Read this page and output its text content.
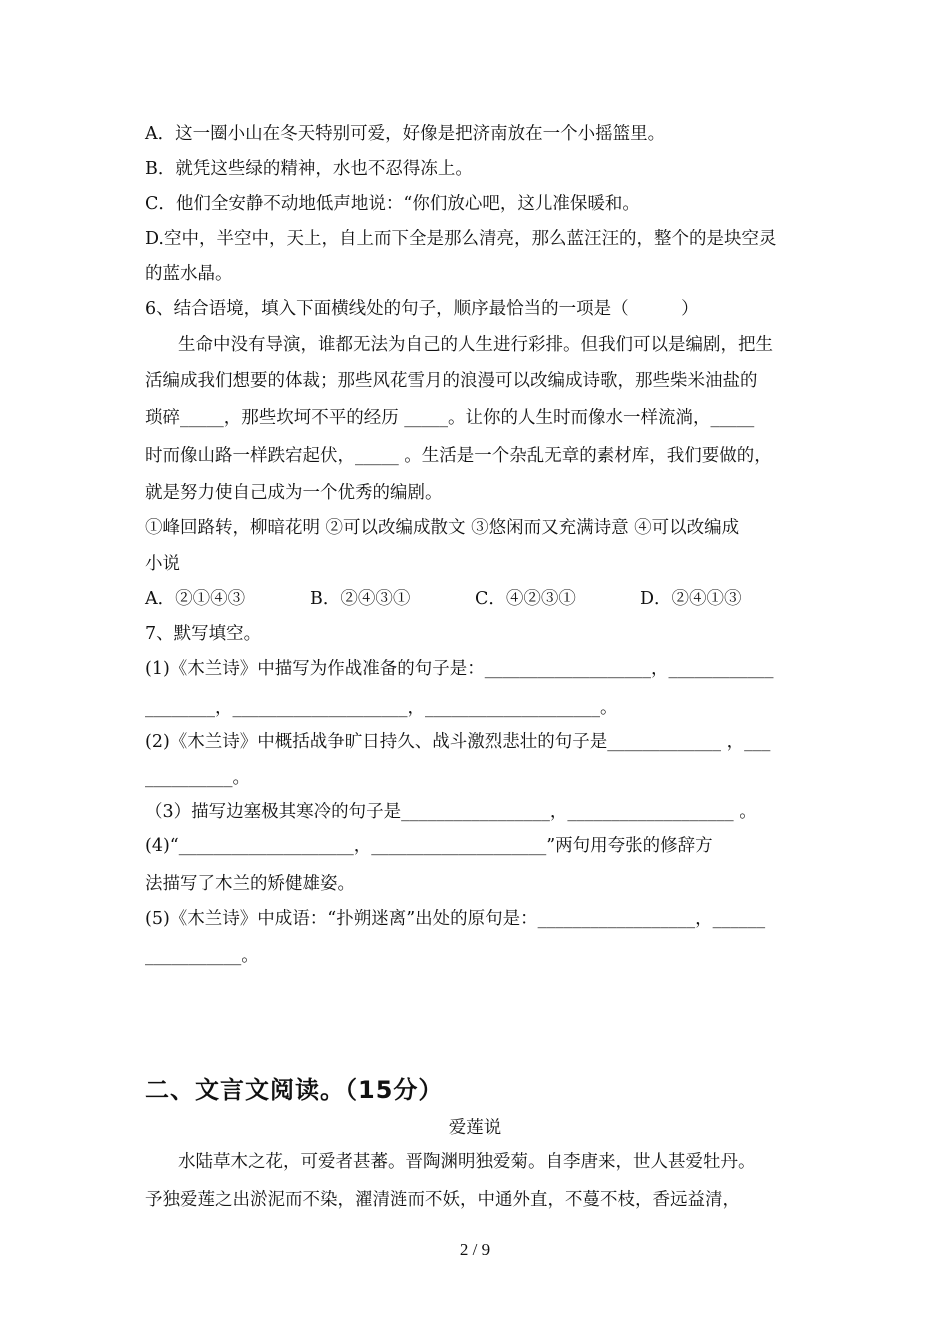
A．这一圈小山在冬天特别可爱，好像是把济南放在一个小摇篮里。
B．就凭这些绿的精神，水也不忍得冻上。
C．他们全安静不动地低声地说：“你们放心吧，这儿准保暖和。
D.空中，半空中，天上，自上而下全是那么清亮，那么蓝汪汪的，整个的是块空灵
的蓝水晶。
6、结合语境，填入下面横线处的句子，顺序最恰当的一项是（　　　）
生命中没有导演，谁都无法为自己的人生进行彩排。但我们可以是编剧，把生
活编成我们想要的体裁；那些风花雪月的浪漫可以改编成诗歌，那些柴米油盐的
琐碎_____，那些坎坷不平的经历 _____。让你的人生时而像水一样流淌，_____
时而像山路一样跌宕起伏，_____ 。生活是一个杂乱无章的素材库，我们要做的，
就是努力使自己成为一个优秀的编剧。
①峰回路转，柳暗花明 ②可以改编成散文 ③悠闲而又充满诗意 ④可以改编成
小说
A．②①④③	B．②④③①	C．④②③①	D．②④①③
7、默写填空。
(1)《木兰诗》中描写为作战准备的句子是：___________________，____________
________，____________________，____________________。
(2)《木兰诗》中概括战争旷日持久、战斗激烈悲壮的句子是_____________ ，___
__________。
（3）描写边塞极其寒冷的句子是_________________，___________________ 。
(4)“____________________，____________________”两句用夸张的修辞方
法描写了木兰的矫健雄姿。
(5)《木兰诗》中成语：“扑朔迷离”出处的原句是：__________________，______
___________。
二、文言文阅读。（15分）
爱莲说
水陆草木之花，可爱者甚蕃。晋陶渊明独爱菊。自李唐来，世人甚爱牡丹。
予独爱莲之出淤泥而不染，濯清涟而不妖，中通外直，不蔓不枝，香远益清，
2 / 9
